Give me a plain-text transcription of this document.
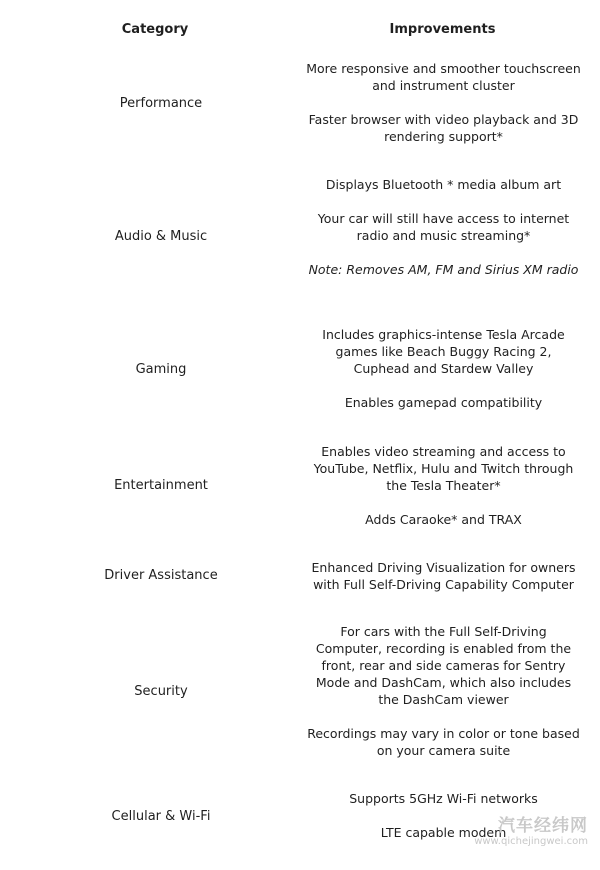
Category	Improvements
Performance

More responsive and smoother touchscreen and instrument cluster

Faster browser with video playback and 3D rendering support*

Audio & Music

Displays Bluetooth * media album art

Your car will still have access to internet radio and music streaming*

Note: Removes AM, FM and Sirius XM radio

Gaming

Includes graphics-intense Tesla Arcade games like Beach Buggy Racing 2, Cuphead and Stardew Valley

Enables gamepad compatibility

Entertainment

Enables video streaming and access to YouTube, Netflix, Hulu and Twitch through the Tesla Theater*

Adds Caraoke* and TRAX

Driver Assistance

Enhanced Driving Visualization for owners with Full Self-Driving Capability Computer

Security

For cars with the Full Self-Driving Computer, recording is enabled from the front, rear and side cameras for Sentry Mode and DashCam, which also includes the DashCam viewer

Recordings may vary in color or tone based on your camera suite

Cellular & Wi-Fi

Supports 5GHz Wi-Fi networks

LTE capable modem

汽车经纬网
www.qichejingwei.com
